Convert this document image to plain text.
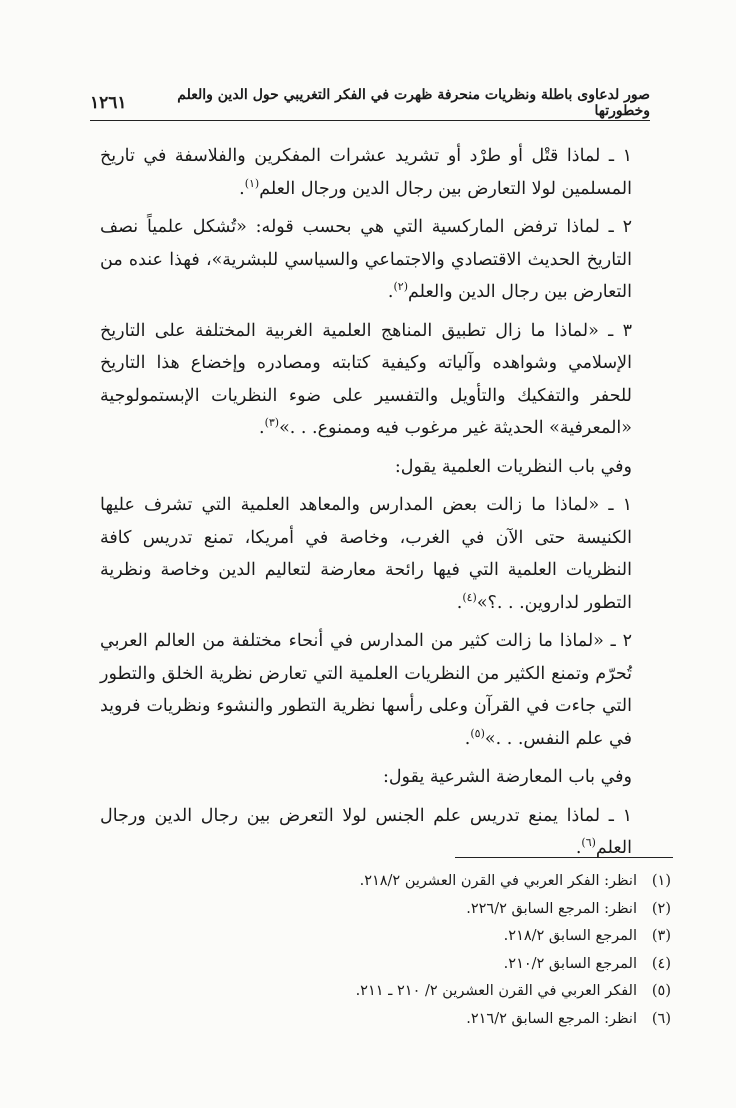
صور لدعاوى باطلة ونظريات منحرفة ظهرت في الفكر التغريبي حول الدين والعلم وخطورتها
١٢٦١

١ ـ لماذا قتْل أو طرْد أو تشريد عشرات المفكرين والفلاسفة في تاريخ المسلمين لولا التعارض بين رجال الدين ورجال العلم$^{(١)}$.

٢ ـ لماذا ترفض الماركسية التي هي بحسب قوله: «تُشكل علمياً نصف التاريخ الحديث الاقتصادي والاجتماعي والسياسي للبشرية»، فهذا عنده من التعارض بين رجال الدين والعلم$^{(٢)}$.

٣ ـ «لماذا ما زال تطبيق المناهج العلمية الغربية المختلفة على التاريخ الإسلامي وشواهده وآلياته وكيفية كتابته ومصادره وإخضاع هذا التاريخ للحفر والتفكيك والتأويل والتفسير على ضوء النظريات الإبستمولوجية «المعرفية» الحديثة غير مرغوب فيه وممنوع. . .»$^{(٣)}$.

وفي باب النظريات العلمية يقول:

١ ـ «لماذا ما زالت بعض المدارس والمعاهد العلمية التي تشرف عليها الكنيسة حتى الآن في الغرب، وخاصة في أمريكا، تمنع تدريس كافة النظريات العلمية التي فيها رائحة معارضة لتعاليم الدين وخاصة ونظرية التطور لداروين. . .؟»$^{(٤)}$.

٢ ـ «لماذا ما زالت كثير من المدارس في أنحاء مختلفة من العالم العربي تُحرّم وتمنع الكثير من النظريات العلمية التي تعارض نظرية الخلق والتطور التي جاءت في القرآن وعلى رأسها نظرية التطور والنشوء ونظريات فرويد في علم النفس. . .»$^{(٥)}$.

وفي باب المعارضة الشرعية يقول:

١ ـ لماذا يمنع تدريس علم الجنس لولا التعرض بين رجال الدين ورجال العلم$^{(٦)}$.

(١)
انظر: الفكر العربي في القرن العشرين ٢١٨/٢.
(٢)
انظر: المرجع السابق ٢٢٦/٢.
(٣)
المرجع السابق ٢١٨/٢.
(٤)
المرجع السابق ٢١٠/٢.
(٥)
الفكر العربي في القرن العشرين ٢/ ٢١٠ ـ ٢١١.
(٦)
انظر: المرجع السابق ٢١٦/٢.
